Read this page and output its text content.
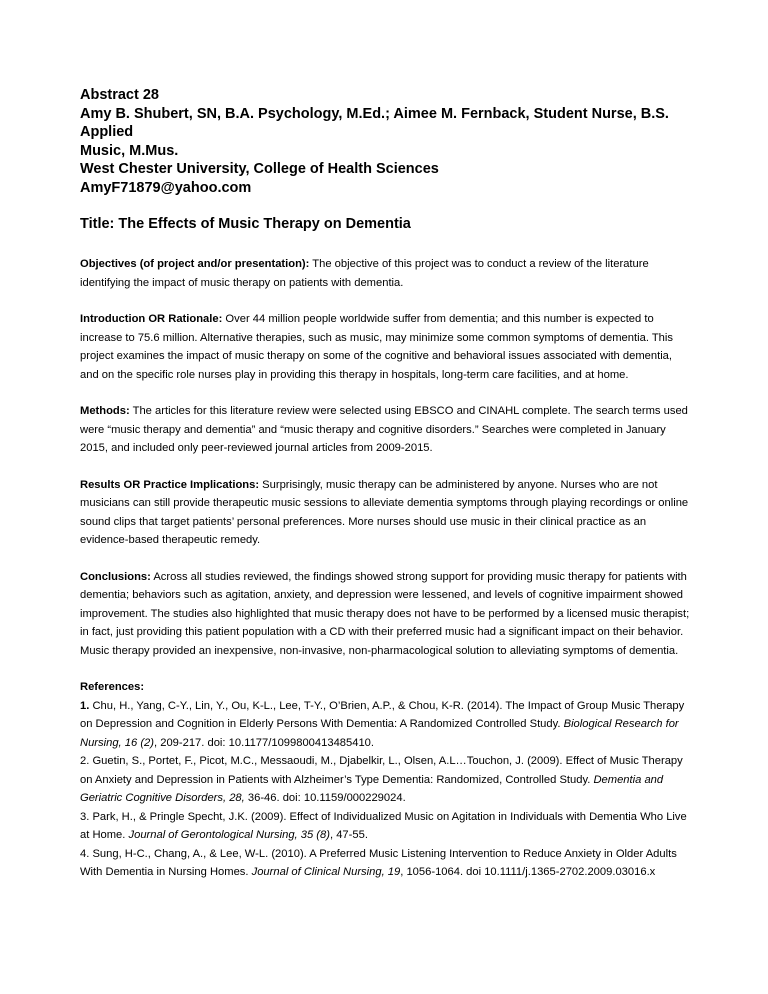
Abstract 28

Amy B. Shubert, SN, B.A. Psychology, M.Ed.; Aimee M. Fernback, Student Nurse, B.S. Applied

Music, M.Mus.

West Chester University, College of Health Sciences

AmyF71879@yahoo.com

Title: The Effects of Music Therapy on Dementia

Objectives (of project and/or presentation): The objective of this project was to conduct a review of the literature identifying the impact of music therapy on patients with dementia.

Introduction OR Rationale: Over 44 million people worldwide suffer from dementia; and this number is expected to increase to 75.6 million. Alternative therapies, such as music, may minimize some common symptoms of dementia. This project examines the impact of music therapy on some of the cognitive and behavioral issues associated with dementia, and on the specific role nurses play in providing this therapy in hospitals, long-term care facilities, and at home.

Methods: The articles for this literature review were selected using EBSCO and CINAHL complete. The search terms used were “music therapy and dementia” and “music therapy and cognitive disorders.” Searches were completed in January 2015, and included only peer-reviewed journal articles from 2009-2015.

Results OR Practice Implications: Surprisingly, music therapy can be administered by anyone. Nurses who are not musicians can still provide therapeutic music sessions to alleviate dementia symptoms through playing recordings or online sound clips that target patients’ personal preferences. More nurses should use music in their clinical practice as an evidence-based therapeutic remedy.

Conclusions: Across all studies reviewed, the findings showed strong support for providing music therapy for patients with dementia; behaviors such as agitation, anxiety, and depression were lessened, and levels of cognitive impairment showed improvement. The studies also highlighted that music therapy does not have to be performed by a licensed music therapist; in fact, just providing this patient population with a CD with their preferred music had a significant impact on their behavior. Music therapy provided an inexpensive, non-invasive, non-pharmacological solution to alleviating symptoms of dementia.

References:

1. Chu, H., Yang, C-Y., Lin, Y., Ou, K-L., Lee, T-Y., O’Brien, A.P., & Chou, K-R. (2014). The Impact of Group Music Therapy on Depression and Cognition in Elderly Persons With Dementia: A Randomized Controlled Study. Biological Research for Nursing, 16 (2), 209-217. doi: 10.1177/1099800413485410.

2. Guetin, S., Portet, F., Picot, M.C., Messaoudi, M., Djabelkir, L., Olsen, A.L…Touchon, J. (2009). Effect of Music Therapy on Anxiety and Depression in Patients with Alzheimer’s Type Dementia: Randomized, Controlled Study. Dementia and Geriatric Cognitive Disorders, 28, 36-46. doi: 10.1159/000229024.

3. Park, H., & Pringle Specht, J.K. (2009). Effect of Individualized Music on Agitation in Individuals with Dementia Who Live at Home. Journal of Gerontological Nursing, 35 (8), 47-55.

4. Sung, H-C., Chang, A., & Lee, W-L. (2010). A Preferred Music Listening Intervention to Reduce Anxiety in Older Adults With Dementia in Nursing Homes. Journal of Clinical Nursing, 19, 1056-1064. doi 10.1111/j.1365-2702.2009.03016.x
